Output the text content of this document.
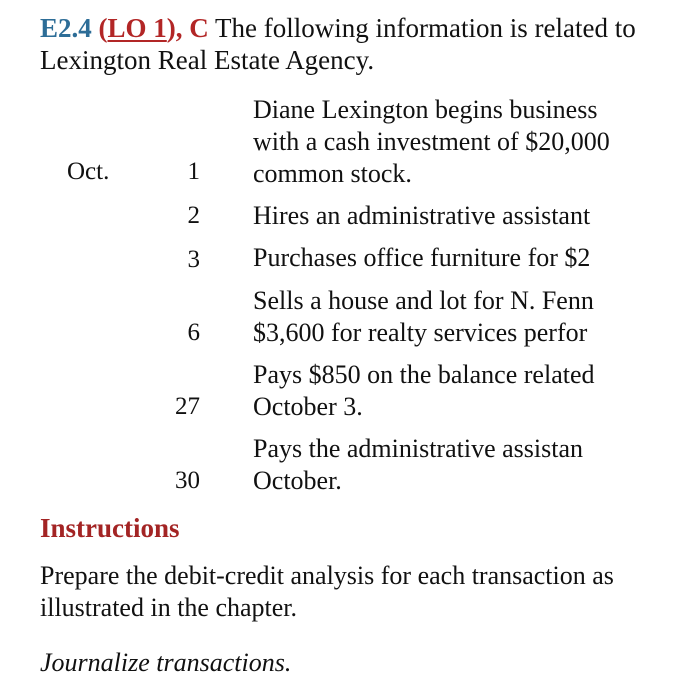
E2.4 (LO 1), C The following information is related to Lexington Real Estate Agency.
Oct.	1
Diane Lexington begins business
with a cash investment of $20,000
common stock.
2 Hires an administrative assistant
3 Purchases office furniture for $2
6
Sells a house and lot for N. Fenn
$3,600 for realty services perfor
27
Pays $850 on the balance related
October 3.
30
Pays the administrative assistan
October.
Instructions
Prepare the debit-credit analysis for each transaction as illustrated in the chapter.
Journalize transactions.
